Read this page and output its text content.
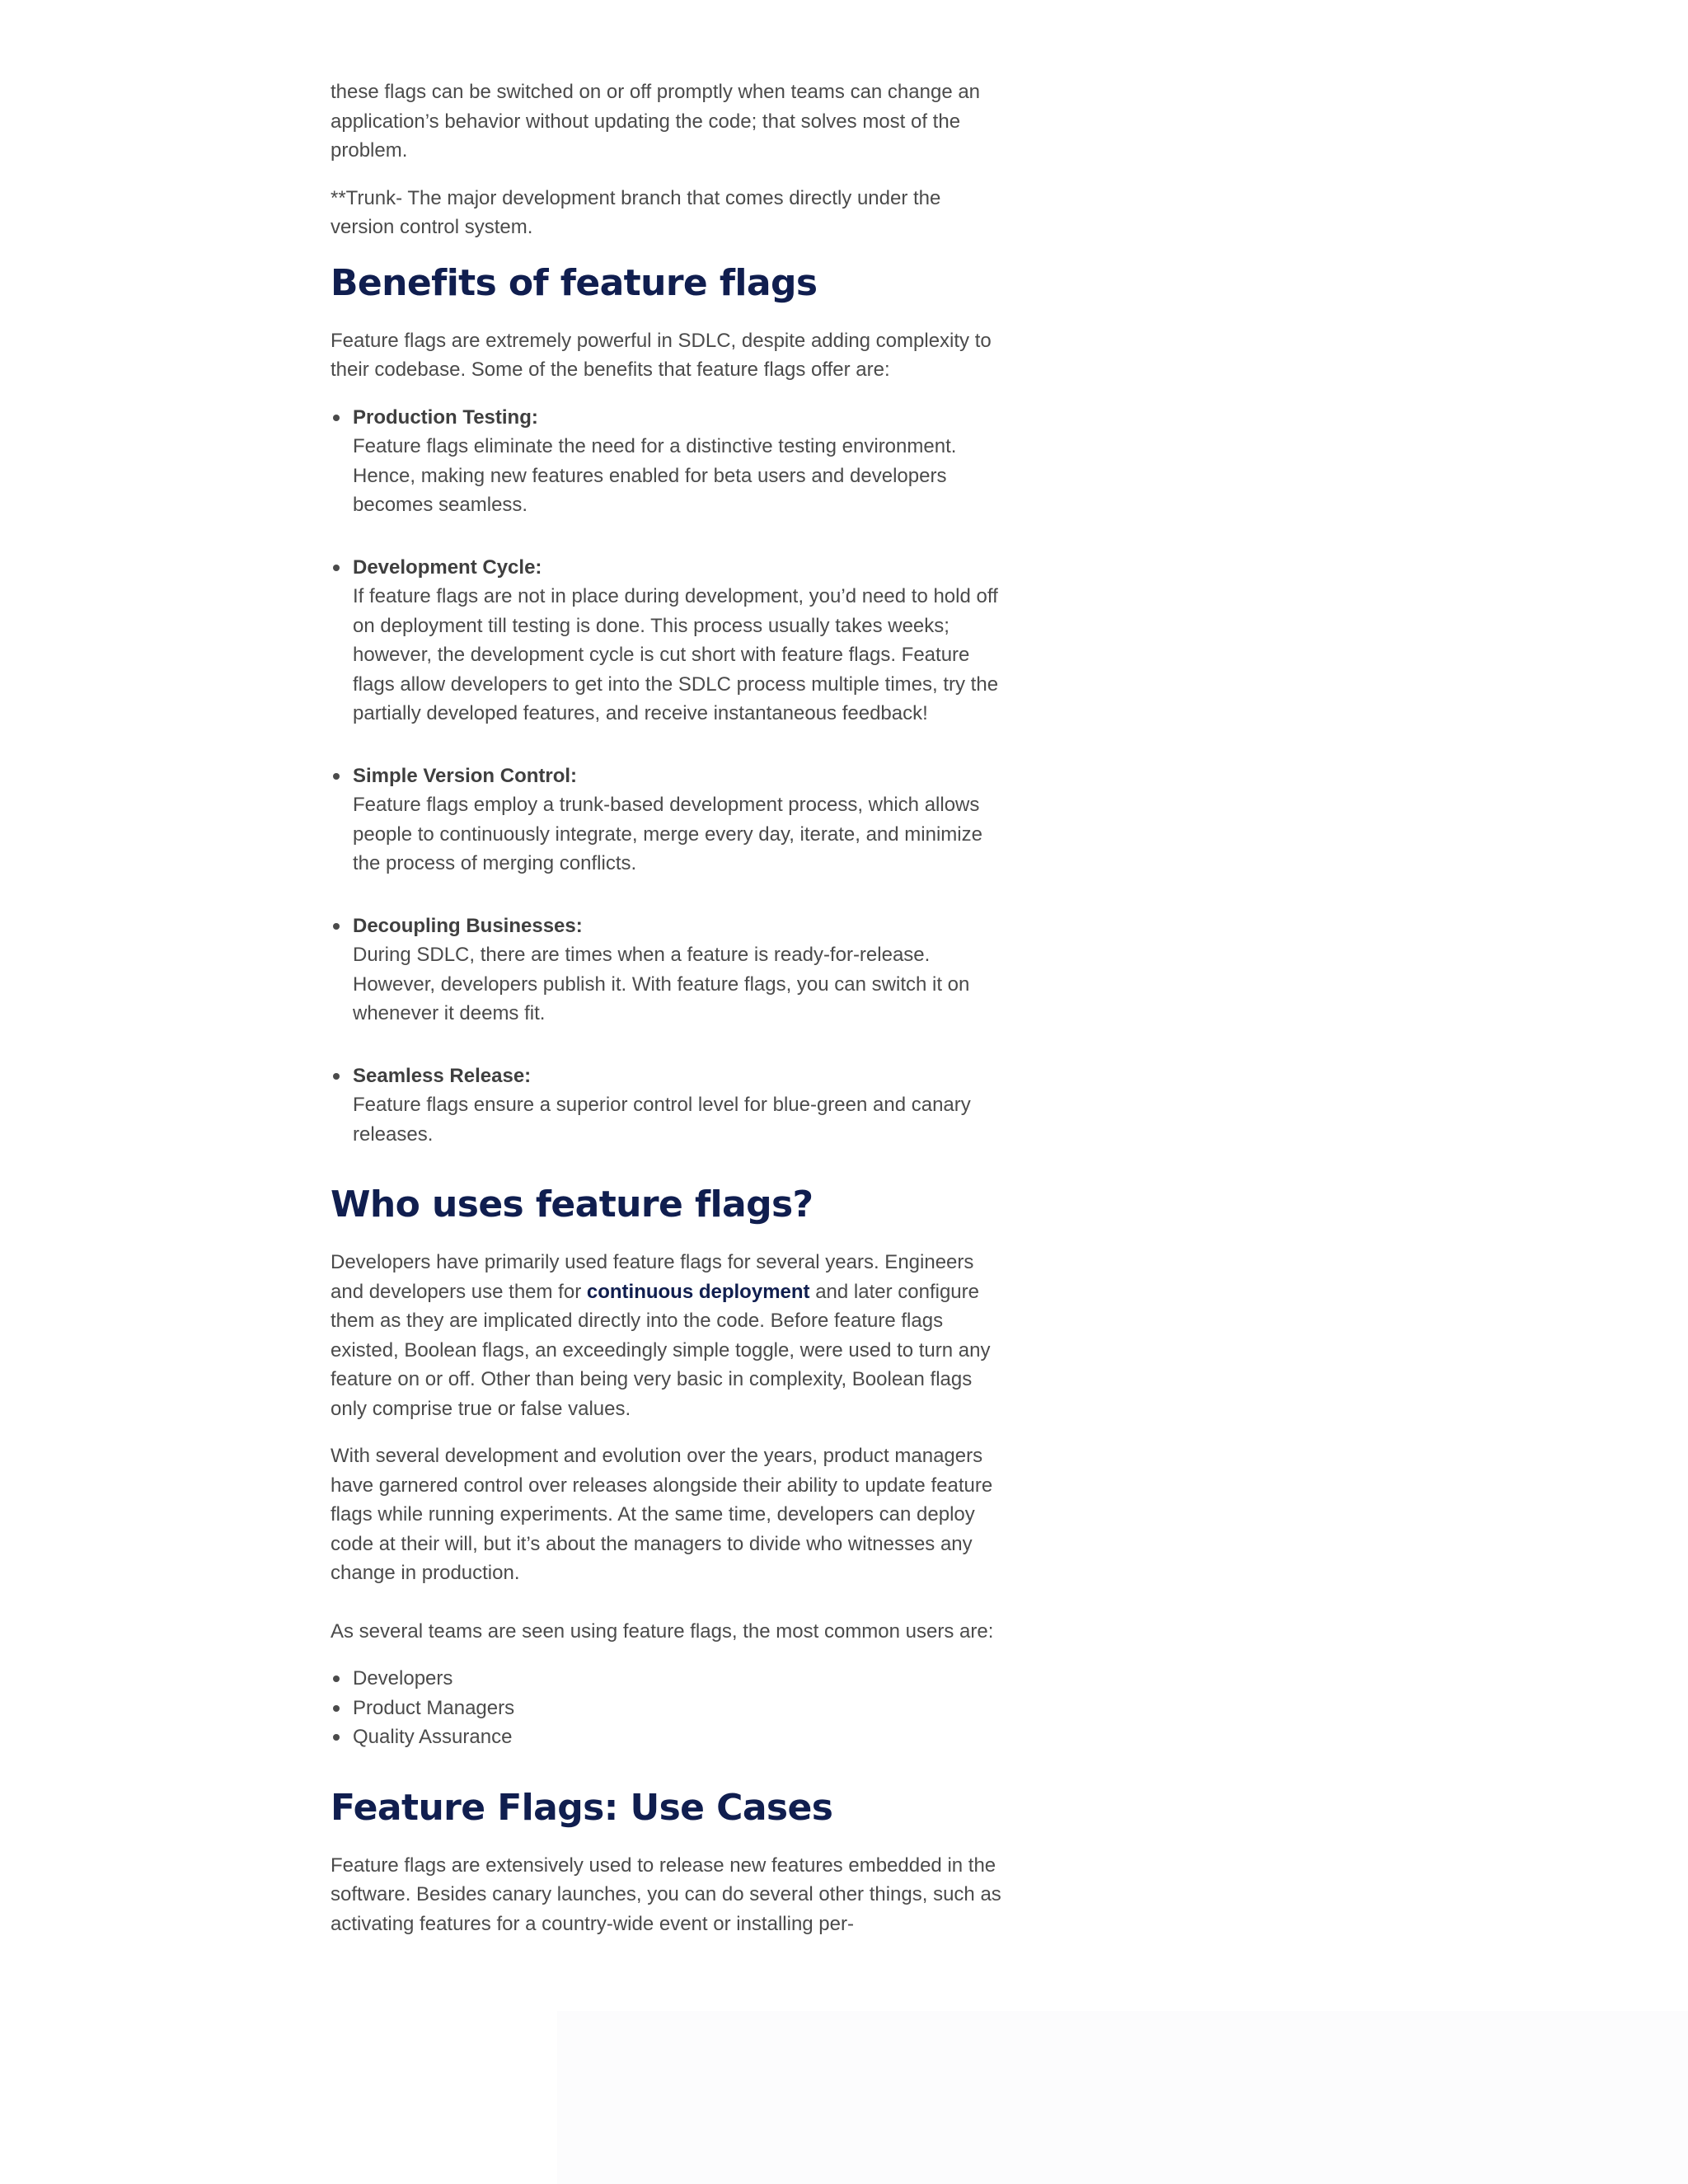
these flags can be switched on or off promptly when teams can change an application’s behavior without updating the code; that solves most of the problem.

**Trunk- The major development branch that comes directly under the version control system.

Benefits of feature flags

Feature flags are extremely powerful in SDLC, despite adding complexity to their codebase. Some of the benefits that feature flags offer are:

Production Testing:

Feature flags eliminate the need for a distinctive testing environment. Hence, making new features enabled for beta users and developers becomes seamless.

Development Cycle:

If feature flags are not in place during development, you’d need to hold off on deployment till testing is done. This process usually takes weeks; however, the development cycle is cut short with feature flags. Feature flags allow developers to get into the SDLC process multiple times, try the partially developed features, and receive instantaneous feedback!

Simple Version Control:

Feature flags employ a trunk-based development process, which allows people to continuously integrate, merge every day, iterate, and minimize the process of merging conflicts.

Decoupling Businesses:

During SDLC, there are times when a feature is ready-for-release. However, developers publish it. With feature flags, you can switch it on whenever it deems fit.

Seamless Release:

Feature flags ensure a superior control level for blue-green and canary releases.

Who uses feature flags?

Developers have primarily used feature flags for several years. Engineers and developers use them for continuous deployment and later configure them as they are implicated directly into the code. Before feature flags existed, Boolean flags, an exceedingly simple toggle, were used to turn any feature on or off. Other than being very basic in complexity, Boolean flags only comprise true or false values.

With several development and evolution over the years, product managers have garnered control over releases alongside their ability to update feature flags while running experiments. At the same time, developers can deploy code at their will, but it’s about the managers to divide who witnesses any change in production.

As several teams are seen using feature flags, the most common users are:

Developers
Product Managers
Quality Assurance
Feature Flags: Use Cases

Feature flags are extensively used to release new features embedded in the software. Besides canary launches, you can do several other things, such as activating features for a country-wide event or installing per-
